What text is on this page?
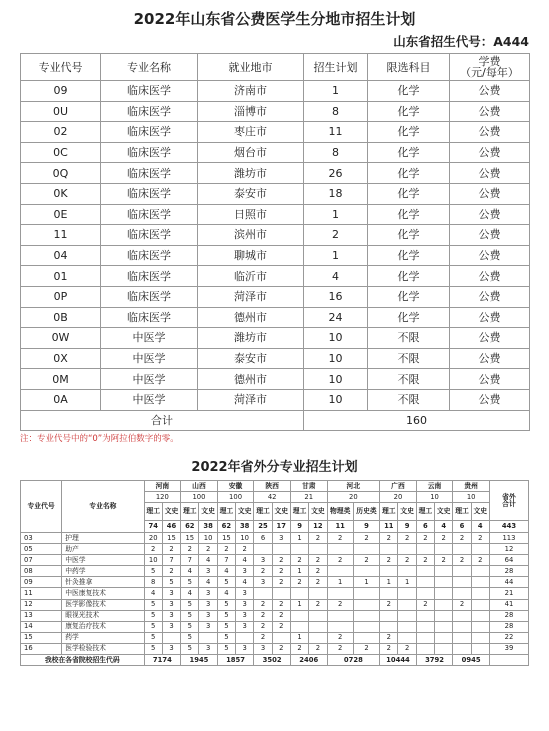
2022年山东省公费医学生分地市招生计划
山东省招生代号：A444
专业代号	专业名称	就业地市	招生计划	限选科目	学费
（元/每年）
09	临床医学	济南市	1	化学	公费
0U	临床医学	淄博市	8	化学	公费
02	临床医学	枣庄市	11	化学	公费
0C	临床医学	烟台市	8	化学	公费
0Q	临床医学	潍坊市	26	化学	公费
0K	临床医学	泰安市	18	化学	公费
0E	临床医学	日照市	1	化学	公费
11	临床医学	滨州市	2	化学	公费
04	临床医学	聊城市	1	化学	公费
01	临床医学	临沂市	4	化学	公费
0P	临床医学	菏泽市	16	化学	公费
0B	临床医学	德州市	24	化学	公费
0W	中医学	潍坊市	10	不限	公费
0X	中医学	泰安市	10	不限	公费
0M	中医学	德州市	10	不限	公费
0A	中医学	菏泽市	10	不限	公费
合计			160		
注：专业代号中的“0”为阿拉伯数字的零。
2022年省外分专业招生计划
专业代号	专业名称	河南		山西		安徽		陕西		甘肃		河北		广西		云南		贵州		省外
合计
		120		100		100		42		21		20		20		10		10		
		理工	文史	理工	文史	理工	文史	理工	文史	理工	文史	物理类	历史类	理工	文史	理工	文史	理工	文史	
		74	46	62	38	62	38	25	17	9	12	11	9	11	9	6	4	6	4	443
03	护理	20	15	15	10	15	10	6	3	1	2	2	2	2	2	2	2	2	2	113
05	助产	2	2	2	2	2	2													12
07	中医学	10	7	7	4	7	4	3	2	2	2	2	2	2	2	2	2	2	2	64
08	中药学	5	2	4	3	4	3	2	2	1	2									28
09	针灸推拿	8	5	5	4	5	4	3	2	2	2	1	1	1	1					44
11	中医康复技术	4	3	4	3	4	3													21
12	医学影像技术	5	3	5	3	5	3	2	2	1	2	2		2		2		2		41
13	眼视光技术	5	3	5	3	5	3	2	2											28
14	康复治疗技术	5	3	5	3	5	3	2	2											28
15	药学	5		5		5		2		1		2		2						22
16	医学检验技术	5	3	5	3	5	3	3	2	2	2	2	2	2	2					39
我校在各省院校招生代码		7174		1945		1857		3502		2406		0728		10444		3792		0945		
